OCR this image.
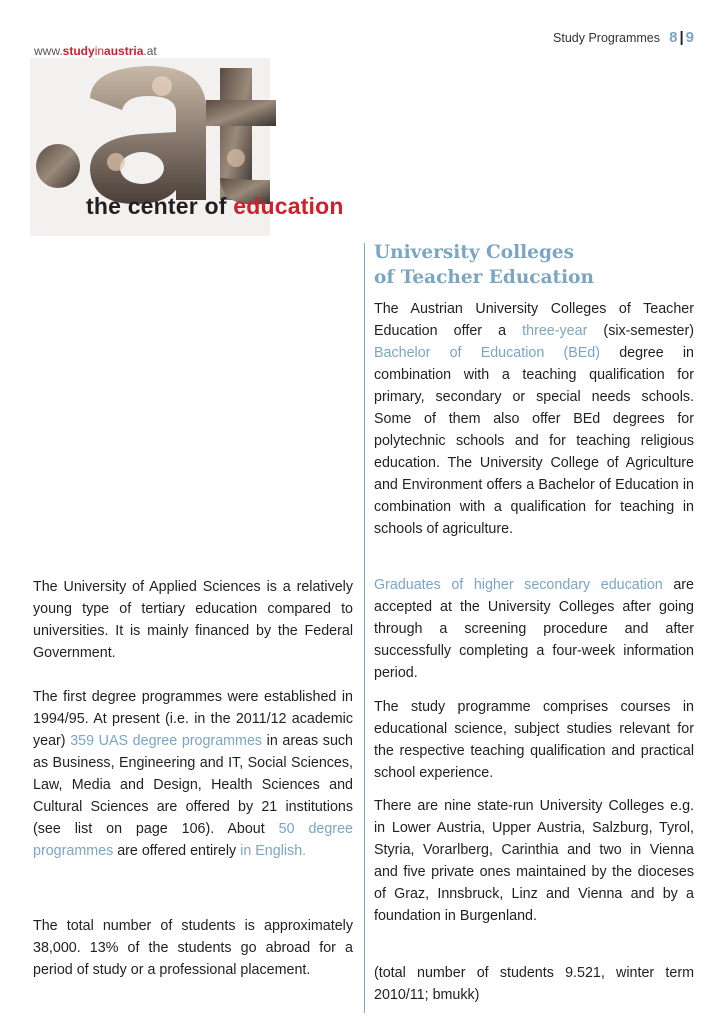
Study Programmes 8 | 9
www.studyinaustria.at
the center of education
University Colleges
of Teacher Education

The Austrian University Colleges of Teacher Education offer a three-year (six-semester) Bachelor of Education (BEd) degree in combination with a teaching qualification for primary, secondary or special needs schools. Some of them also offer BEd degrees for polytechnic schools and for teaching religious education. The University College of Agriculture and Environment offers a Bachelor of Education in combination with a qualification for teaching in schools of agriculture.

Graduates of higher secondary education are accepted at the University Colleges after going through a screening procedure and after successfully completing a four-week information period.

The study programme comprises courses in educational science, subject studies relevant for the respective teaching qualification and practical school experience.

There are nine state-run University Colleges e.g. in Lower Austria, Upper Austria, Salzburg, Tyrol, Styria, Vorarlberg, Carinthia and two in Vienna and five private ones maintained by the dioceses of Graz, Innsbruck, Linz and Vienna and by a foundation in Burgenland.

(total number of students 9.521, winter term 2010/11; bmukk)

The University of Applied Sciences is a relatively young type of tertiary education compared to universities. It is mainly financed by the Federal Government.

The first degree programmes were established in 1994/95. At present (i.e. in the 2011/12 academic year) 359 UAS degree programmes in areas such as Business, Engineering and IT, Social Sciences, Law, Media and Design, Health Sciences and Cultural Sciences are offered by 21 institutions (see list on page 106). About 50 degree programmes are offered entirely in English.

The total number of students is approximately 38,000. 13% of the students go abroad for a period of study or a professional placement.
